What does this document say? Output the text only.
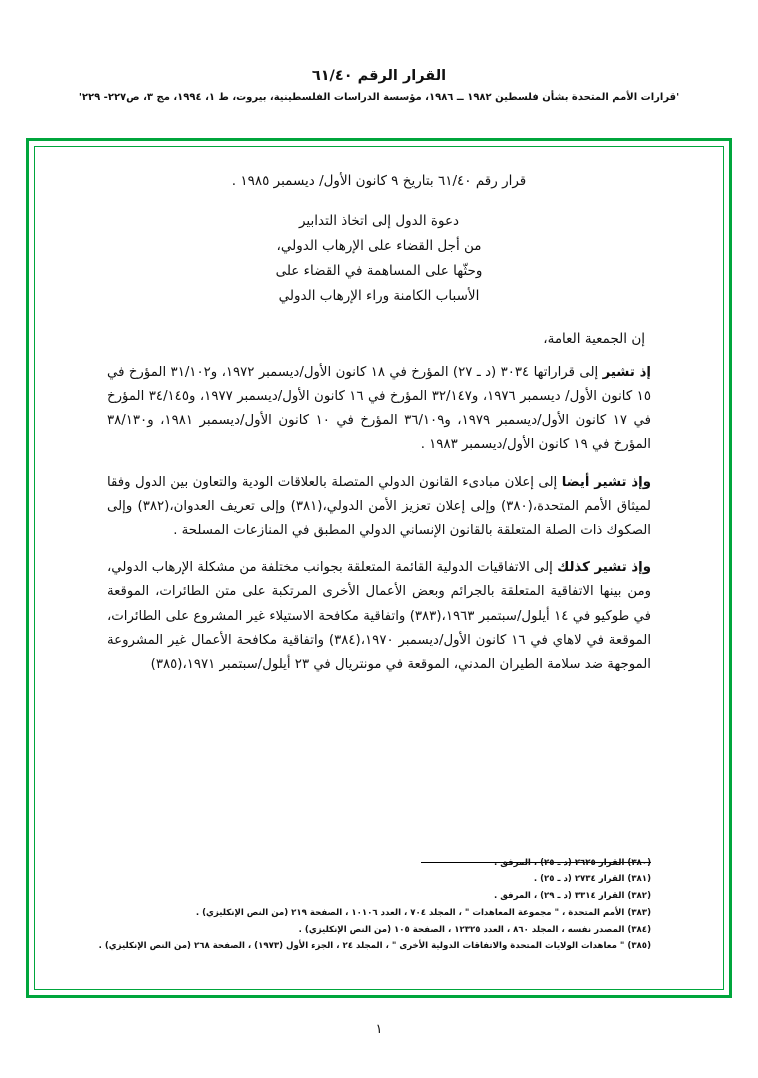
القرار الرقم ٦١/٤٠
'قرارات الأمم المتحدة بشأن فلسطين ١٩٨٢ ــ ١٩٨٦، مؤسسة الدراسات الفلسطينية، بيروت، ط ١، ١٩٩٤، مج ٣، ص٢٢٧- ٢٢٩'
قرار رقم ٦١/٤٠ بتاريخ ٩ كانون الأول/ ديسمبر ١٩٨٥ .
دعوة الدول إلى اتخاذ التدابير
من أجل القضاء على الإرهاب الدولي،
وحثّها على المساهمة في القضاء على
الأسباب الكامنة وراء الإرهاب الدولي
إن الجمعية العامة،

إذ تشير إلى قراراتها ٣٠٣٤ (د ـ ٢٧) المؤرخ في ١٨ كانون الأول/ديسمبر ١٩٧٢، و٣١/١٠٢ المؤرخ في ١٥ كانون الأول/ ديسمبر ١٩٧٦، و٣٢/١٤٧ المؤرخ في ١٦ كانون الأول/ديسمبر ١٩٧٧، و٣٤/١٤٥ المؤرخ في ١٧ كانون الأول/ديسمبر ١٩٧٩، و٣٦/١٠٩ المؤرخ في ١٠ كانون الأول/ديسمبر ١٩٨١، و٣٨/١٣٠ المؤرخ في ١٩ كانون الأول/ديسمبر ١٩٨٣ .

وإذ تشير أيضا إلى إعلان مبادىء القانون الدولي المتصلة بالعلاقات الودية والتعاون بين الدول وفقا لميثاق الأمم المتحدة،(٣٨٠) وإلى إعلان تعزيز الأمن الدولي،(٣٨١) وإلى تعريف العدوان،(٣٨٢) وإلى الصكوك ذات الصلة المتعلقة بالقانون الإنساني الدولي المطبق في المنازعات المسلحة .

وإذ تشير كذلك إلى الاتفاقيات الدولية القائمة المتعلقة بجوانب مختلفة من مشكلة الإرهاب الدولي، ومن بينها الاتفاقية المتعلقة بالجرائم وبعض الأعمال الأخرى المرتكبة على متن الطائرات، الموقعة في طوكيو في ١٤ أيلول/سبتمبر ١٩٦٣،(٣٨٣) واتفاقية مكافحة الاستيلاء غير المشروع على الطائرات، الموقعة في لاهاي في ١٦ كانون الأول/ديسمبر ١٩٧٠،(٣٨٤) واتفاقية مكافحة الأعمال غير المشروعة الموجهة ضد سلامة الطيران المدني، الموقعة في مونتريال في ٢٣ أيلول/سبتمبر ١٩٧١،(٣٨٥)

(٣٨٠) القرار ٢٦٢٥ (د ـ ٢٥) ، المرفق .
(٣٨١) القرار ٢٧٣٤ (د ـ ٢٥) .
(٣٨٢) القرار ٣٣١٤ (د ـ ٢٩) ، المرفق .
(٣٨٣) الأمم المتحدة ، " مجموعة المعاهدات " ، المجلد ٧٠٤ ، العدد ١٠١٠٦ ، الصفحة ٢١٩ (من النص الإنكليزي) .
(٣٨٤) المصدر نفسه ، المجلد ٨٦٠ ، العدد ١٢٣٢٥ ، الصفحة ١٠٥ (من النص الإنكليزي) .
(٣٨٥) " معاهدات الولايات المتحدة والاتفاقات الدولية الأخرى " ، المجلد ٢٤ ، الجزء الأول (١٩٧٣) ، الصفحة ٢٦٨ (من النص الإنكليزي) .
١
